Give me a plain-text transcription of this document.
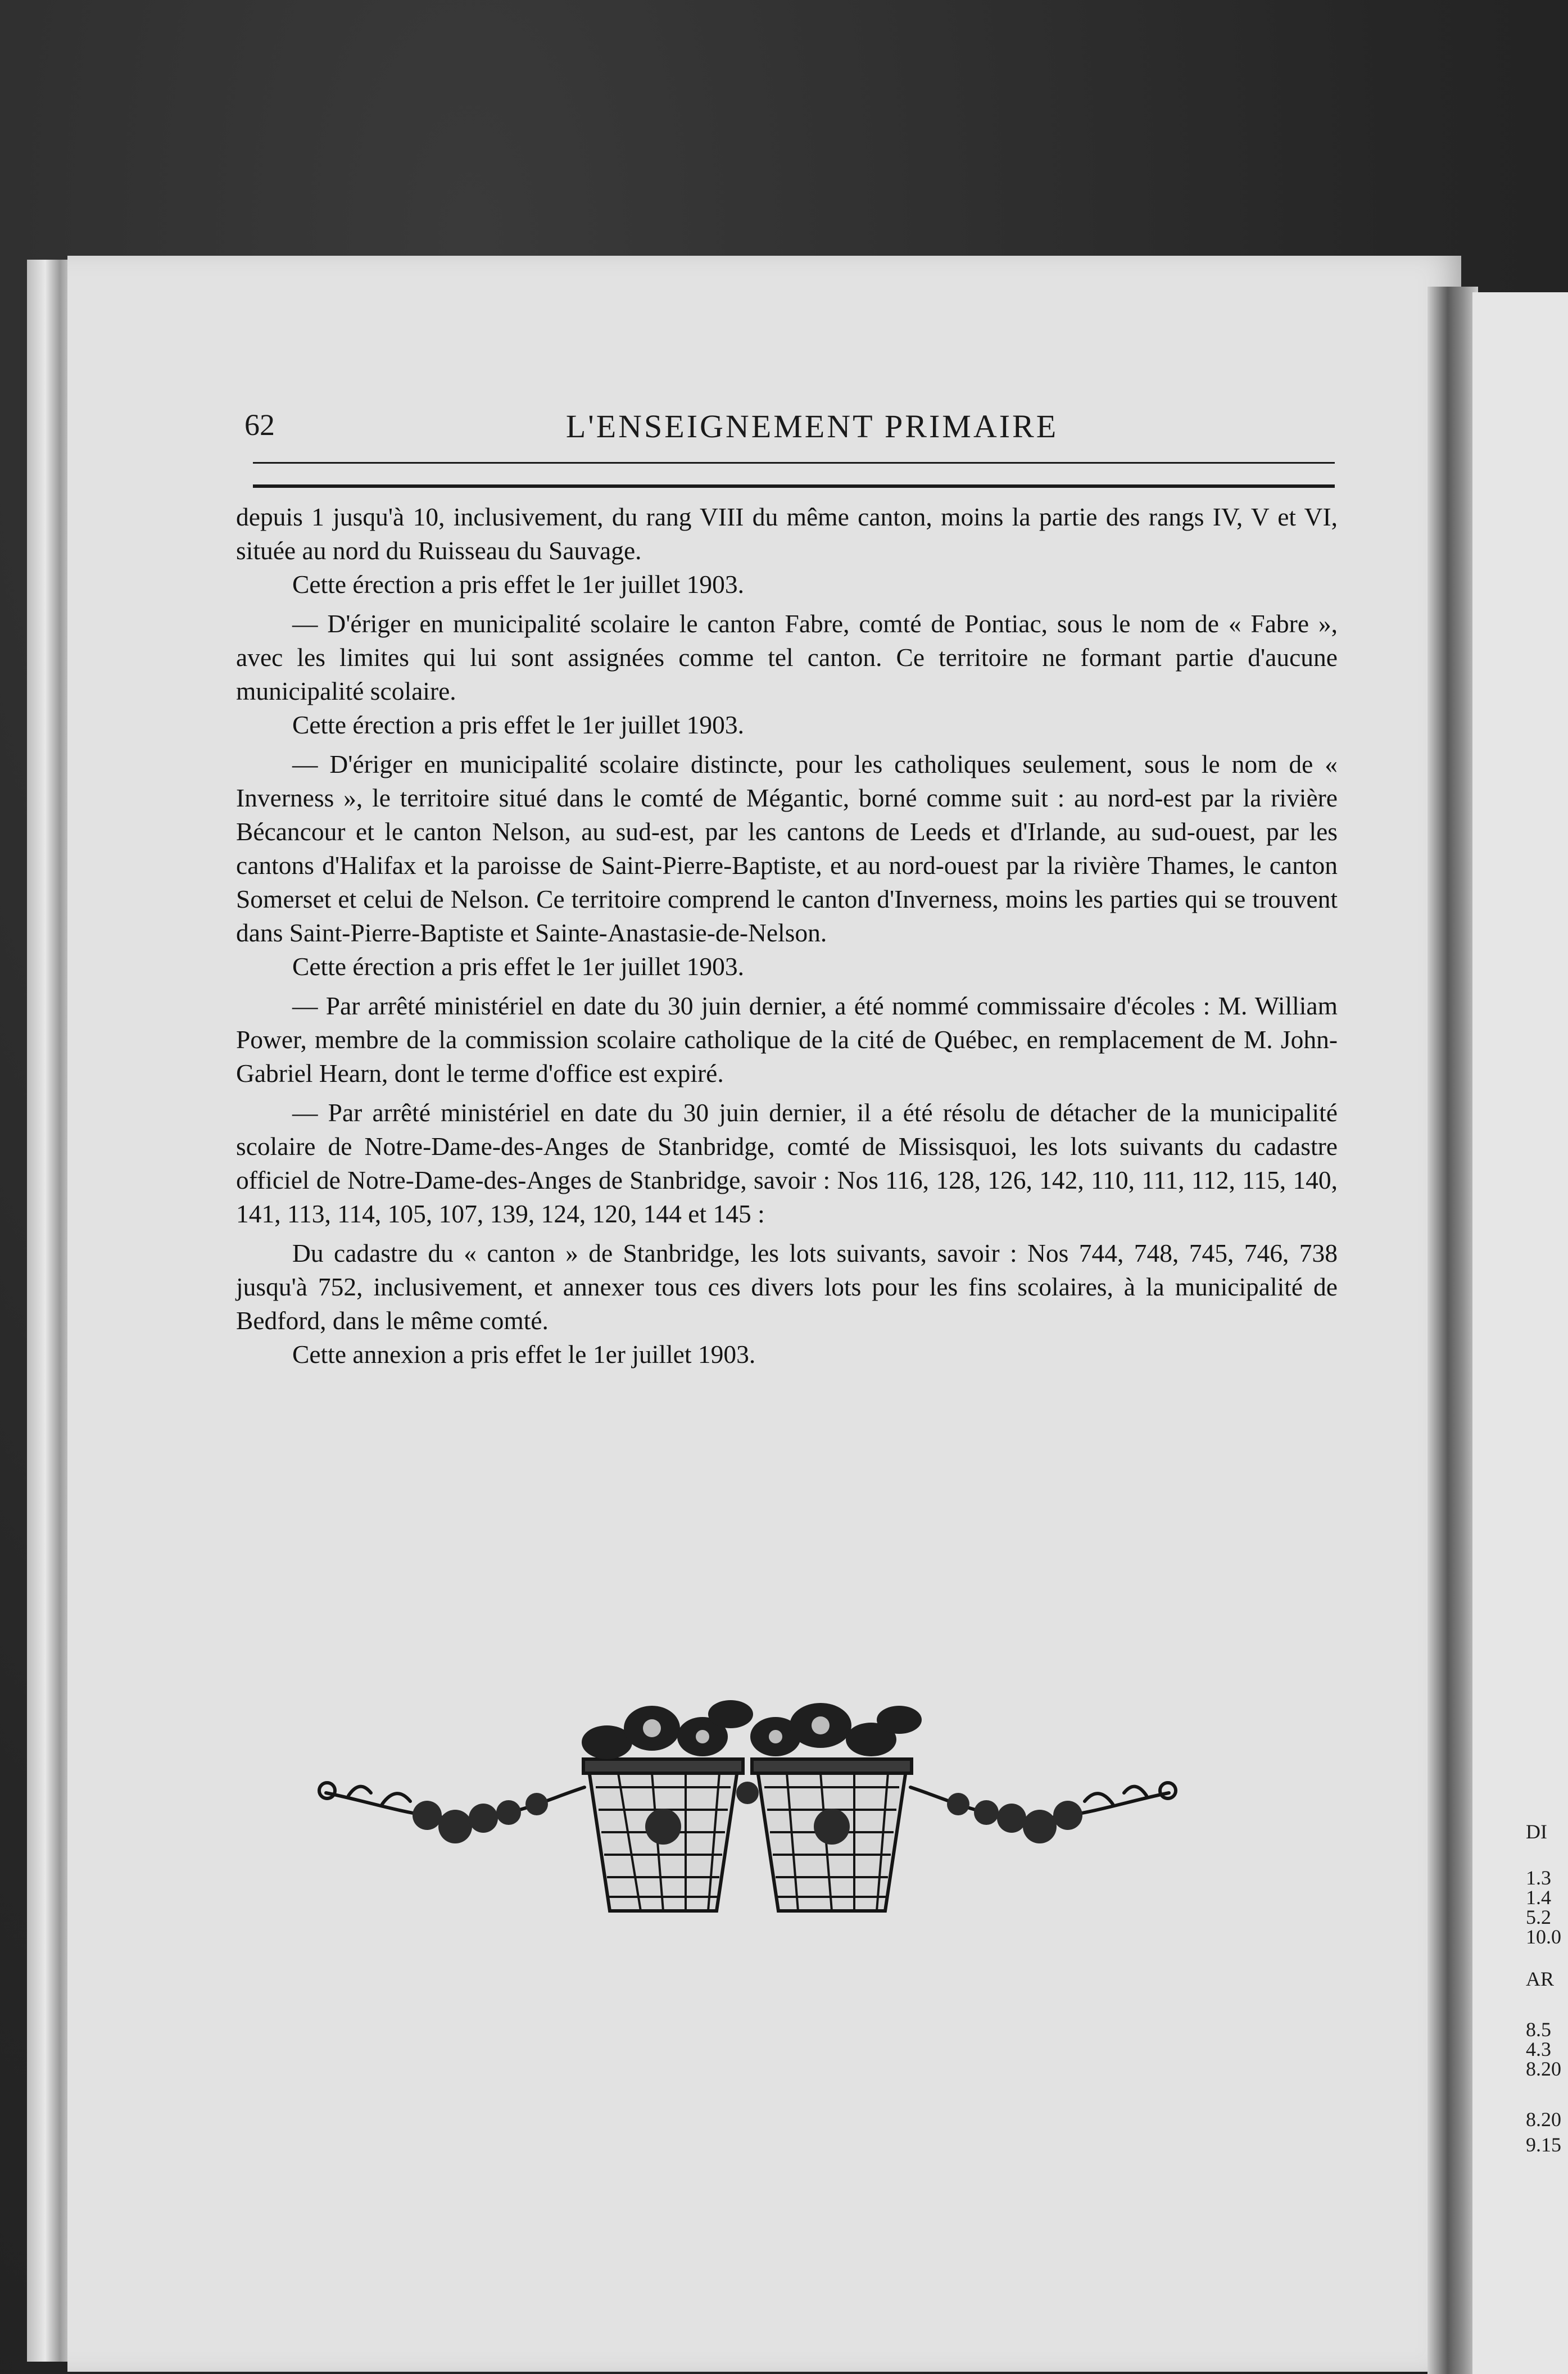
DI
1.3
1.4
5.2
10.0
AR
8.5
4.3
8.20
8.20
9.15
62	L'ENSEIGNEMENT PRIMAIRE

depuis 1 jusqu'à 10, inclusivement, du rang VIII du même canton, moins la partie des rangs IV, V et VI, située au nord du Ruisseau du Sauvage.

Cette érection a pris effet le 1er juillet 1903.

— D'ériger en municipalité scolaire le canton Fabre, comté de Pontiac, sous le nom de « Fabre », avec les limites qui lui sont assignées comme tel canton. Ce territoire ne formant partie d'aucune municipalité scolaire.

Cette érection a pris effet le 1er juillet 1903.

— D'ériger en municipalité scolaire distincte, pour les catholiques seulement, sous le nom de « Inverness », le territoire situé dans le comté de Mégantic, borné comme suit : au nord-est par la rivière Bécancour et le canton Nelson, au sud-est, par les cantons de Leeds et d'Irlande, au sud-ouest, par les cantons d'Halifax et la paroisse de Saint-Pierre-Baptiste, et au nord-ouest par la rivière Thames, le canton Somerset et celui de Nelson. Ce territoire comprend le canton d'Inverness, moins les parties qui se trouvent dans Saint-Pierre-Baptiste et Sainte-Anastasie-de-Nelson.

Cette érection a pris effet le 1er juillet 1903.

— Par arrêté ministériel en date du 30 juin dernier, a été nommé commissaire d'écoles : M. William Power, membre de la commission scolaire catholique de la cité de Québec, en remplacement de M. John-Gabriel Hearn, dont le terme d'office est expiré.

— Par arrêté ministériel en date du 30 juin dernier, il a été résolu de détacher de la municipalité scolaire de Notre-Dame-des-Anges de Stanbridge, comté de Missisquoi, les lots suivants du cadastre officiel de Notre-Dame-des-Anges de Stanbridge, savoir : Nos 116, 128, 126, 142, 110, 111, 112, 115, 140, 141, 113, 114, 105, 107, 139, 124, 120, 144 et 145 :

Du cadastre du « canton » de Stanbridge, les lots suivants, savoir : Nos 744, 748, 745, 746, 738 jusqu'à 752, inclusivement, et annexer tous ces divers lots pour les fins scolaires, à la municipalité de Bedford, dans le même comté.

Cette annexion a pris effet le 1er juillet 1903.
